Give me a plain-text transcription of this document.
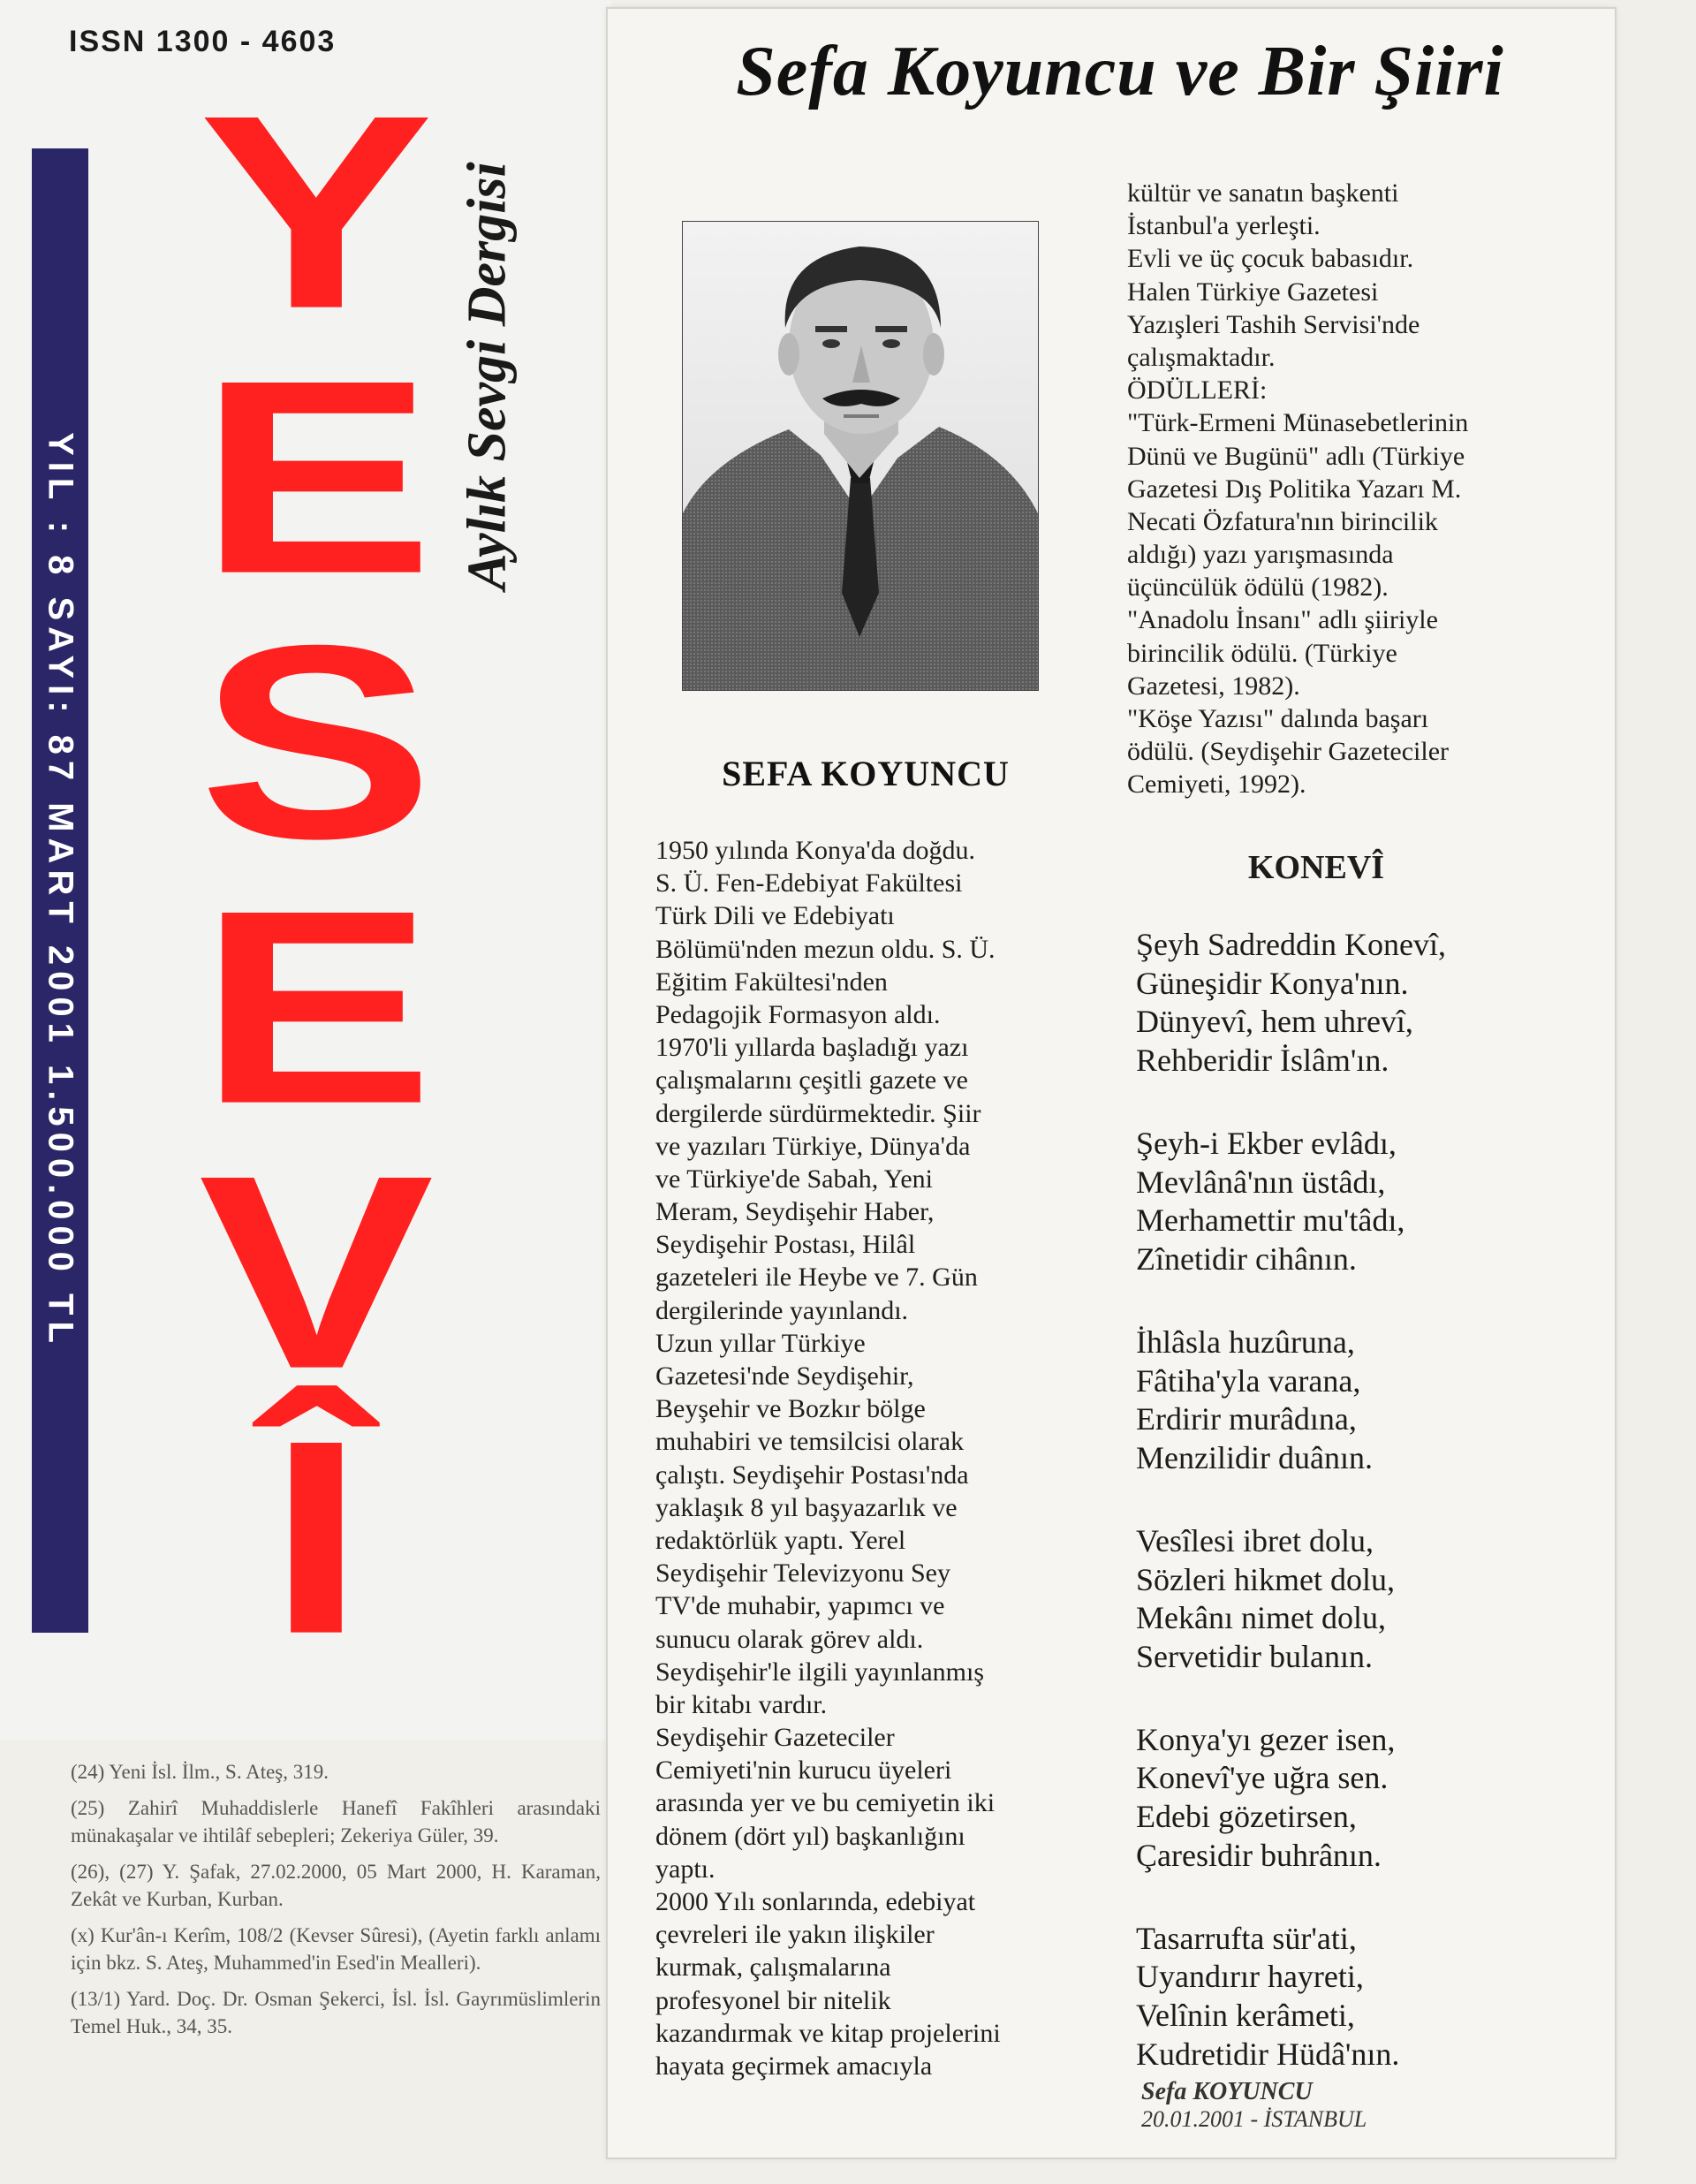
ISSN 1300 - 4603
YIL : 8 SAYI: 87 MART 2001 1.500.000 TL
Y
E
S
E
V
Î
Aylık Sevgi Dergisi

(24) Yeni İsl. İlm., S. Ateş, 319.

(25) Zahirî Muhaddislerle Hanefî Fakîhleri arasındaki münakaşalar ve ihtilâf sebepleri; Zekeriya Güler, 39.

(26), (27) Y. Şafak, 27.02.2000, 05 Mart 2000, H. Karaman, Zekât ve Kurban, Kurban.

(x) Kur'ân-ı Kerîm, 108/2 (Kevser Sûresi), (Ayetin farklı anlamı için bkz. S. Ateş, Muhammed'in Esed'in Mealleri).

(13/1) Yard. Doç. Dr. Osman Şekerci, İsl. İsl. Gayrımüslimlerin Temel Huk., 34, 35.

Sefa Koyuncu ve Bir Şiiri
SEFA KOYUNCU
1950 yılında Konya'da doğdu.
S. Ü. Fen-Edebiyat Fakültesi
Türk Dili ve Edebiyatı
Bölümü'nden mezun oldu. S. Ü.
Eğitim Fakültesi'nden
Pedagojik Formasyon aldı.
1970'li yıllarda başladığı yazı
çalışmalarını çeşitli gazete ve
dergilerde sürdürmektedir. Şiir
ve yazıları Türkiye, Dünya'da
ve Türkiye'de Sabah, Yeni
Meram, Seydişehir Haber,
Seydişehir Postası, Hilâl
gazeteleri ile Heybe ve 7. Gün
dergilerinde yayınlandı.
Uzun yıllar Türkiye
Gazetesi'nde Seydişehir,
Beyşehir ve Bozkır bölge
muhabiri ve temsilcisi olarak
çalıştı. Seydişehir Postası'nda
yaklaşık 8 yıl başyazarlık ve
redaktörlük yaptı. Yerel
Seydişehir Televizyonu Sey
TV'de muhabir, yapımcı ve
sunucu olarak görev aldı.
Seydişehir'le ilgili yayınlanmış
bir kitabı vardır.
Seydişehir Gazeteciler
Cemiyeti'nin kurucu üyeleri
arasında yer ve bu cemiyetin iki
dönem (dört yıl) başkanlığını
yaptı.
2000 Yılı sonlarında, edebiyat
çevreleri ile yakın ilişkiler
kurmak, çalışmalarına
profesyonel bir nitelik
kazandırmak ve kitap projelerini
hayata geçirmek amacıyla
kültür ve sanatın başkenti
İstanbul'a yerleşti.
Evli ve üç çocuk babasıdır.
Halen Türkiye Gazetesi
Yazışleri Tashih Servisi'nde
çalışmaktadır.
ÖDÜLLERİ:
"Türk-Ermeni Münasebetlerinin
Dünü ve Bugünü" adlı (Türkiye
Gazetesi Dış Politika Yazarı M.
Necati Özfatura'nın birincilik
aldığı) yazı yarışmasında
üçüncülük ödülü (1982).
"Anadolu İnsanı" adlı şiiriyle
birincilik ödülü. (Türkiye
Gazetesi, 1982).
"Köşe Yazısı" dalında başarı
ödülü. (Seydişehir Gazeteciler
Cemiyeti, 1992).
KONEVÎ
Şeyh Sadreddin Konevî,
Güneşidir Konya'nın.
Dünyevî, hem uhrevî,
Rehberidir İslâm'ın.
Şeyh-i Ekber evlâdı,
Mevlânâ'nın üstâdı,
Merhamettir mu'tâdı,
Zînetidir cihânın.
İhlâsla huzûruna,
Fâtiha'yla varana,
Erdirir murâdına,
Menzilidir duânın.
Vesîlesi ibret dolu,
Sözleri hikmet dolu,
Mekânı nimet dolu,
Servetidir bulanın.
Konya'yı gezer isen,
Konevî'ye uğra sen.
Edebi gözetirsen,
Çaresidir buhrânın.
Tasarrufta sür'ati,
Uyandırır hayreti,
Velînin kerâmeti,
Kudretidir Hüdâ'nın.
Sefa KOYUNCU
20.01.2001 - İSTANBUL
